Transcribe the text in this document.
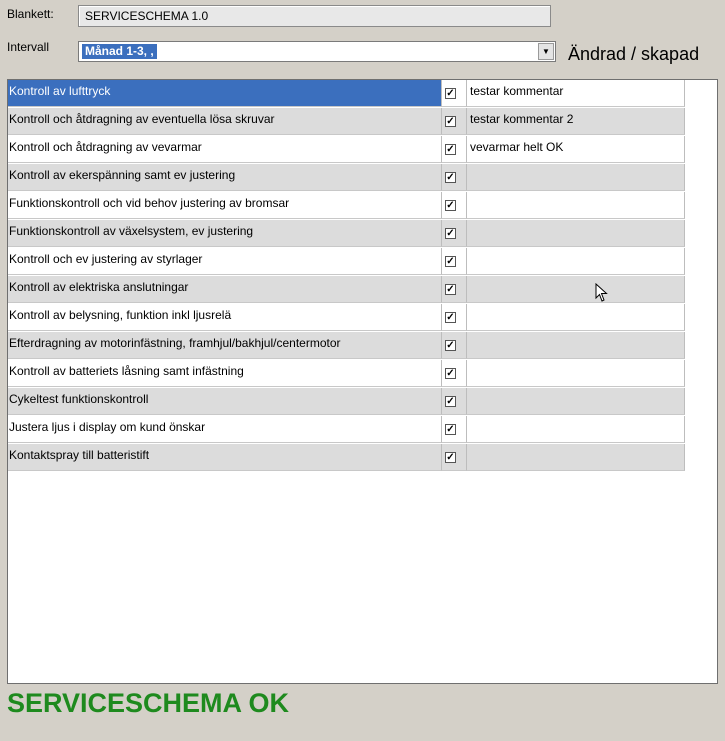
Blankett:	SERVICESCHEMA 1.0
Intervall	Månad 1-3, ,	▼ Ändrad / skapad
Kontroll av lufttryck	✓	testar kommentar
Kontroll och åtdragning av eventuella lösa skruvar	✓	testar kommentar 2
Kontroll och åtdragning av vevarmar	✓	vevarmar helt OK
Kontroll av ekerspänning samt ev justering	✓
Funktionskontroll och vid behov justering av bromsar	✓
Funktionskontroll av växelsystem, ev justering	✓
Kontroll och ev justering av styrlager	✓
Kontroll av elektriska anslutningar	✓
Kontroll av belysning, funktion inkl ljusrelä	✓
Efterdragning av motorinfästning, framhjul/bakhjul/centermotor	✓
Kontroll av batteriets låsning samt infästning	✓
Cykeltest funktionskontroll	✓
Justera ljus i display om kund önskar	✓
Kontaktspray till batteristift	✓
SERVICESCHEMA OK
